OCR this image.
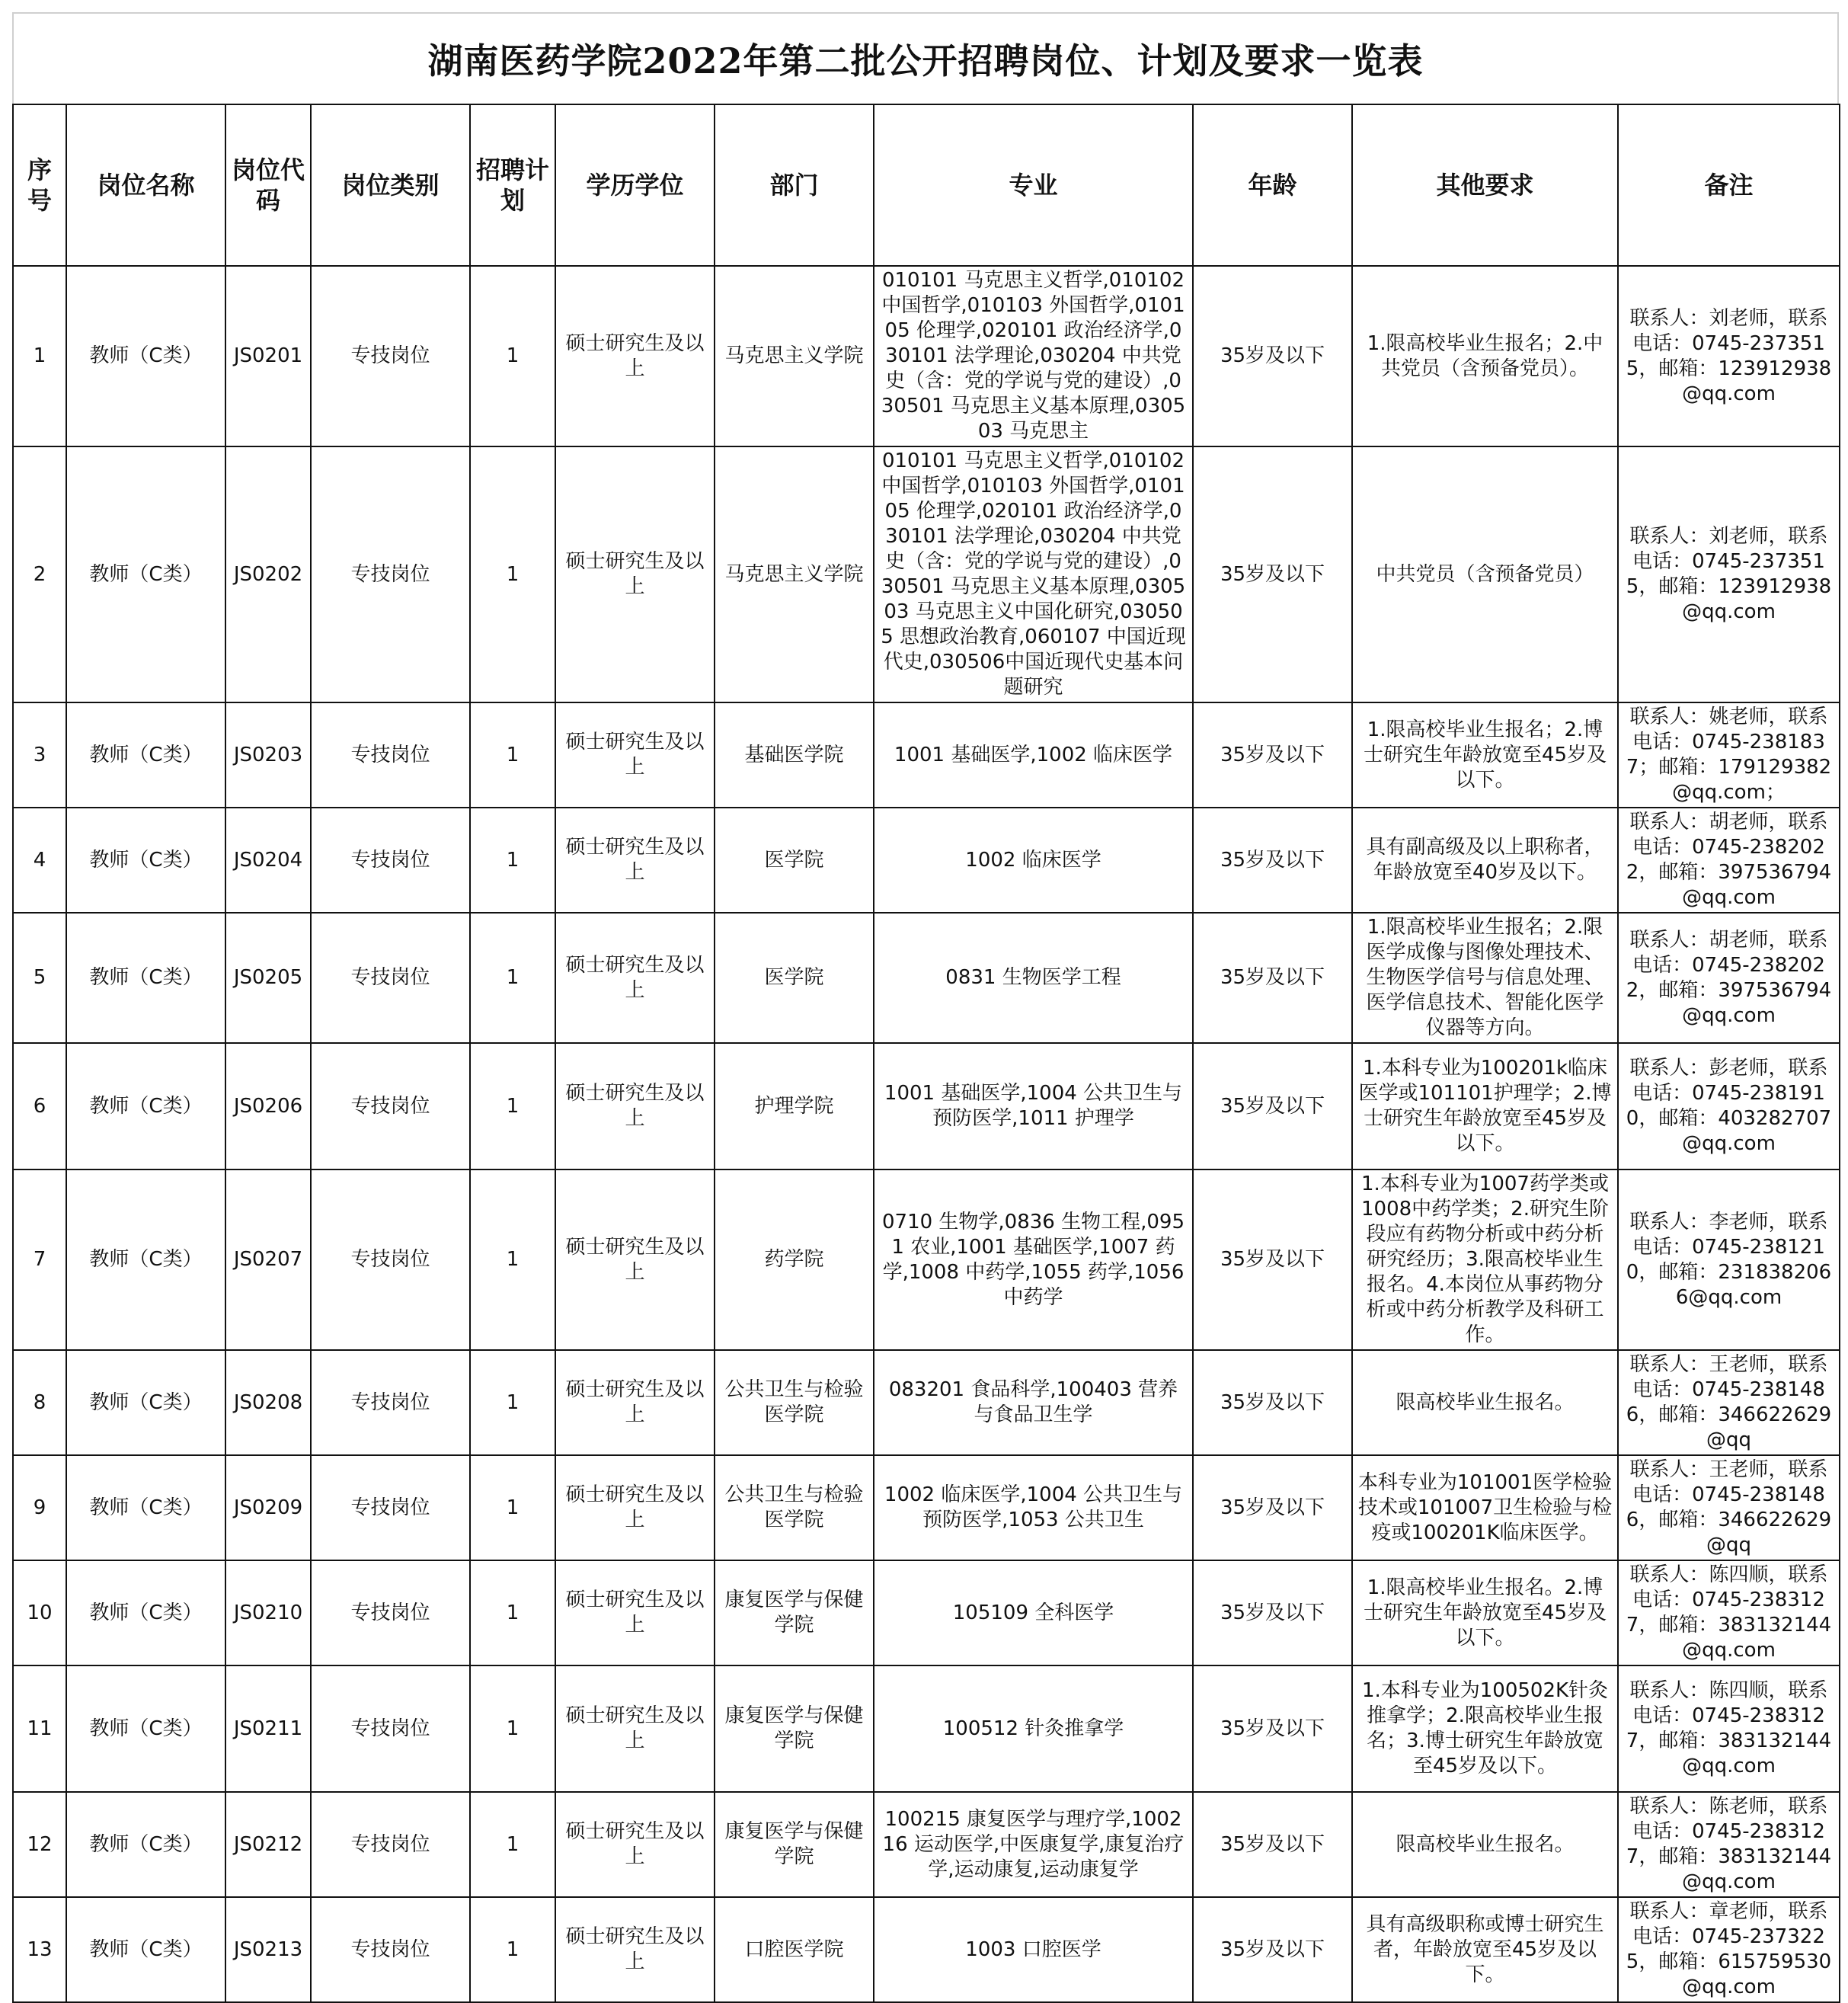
湖南医药学院2022年第二批公开招聘岗位、计划及要求一览表
序号	岗位名称	岗位代码	岗位类别	招聘计划	学历学位	部门	专业	年龄	其他要求	备注
1	教师（C类）	JS0201	专技岗位	1	硕士研究生及以上	马克思主义学院	010101 马克思主义哲学,010102 中国哲学,010103 外国哲学,010105 伦理学,020101 政治经济学,030101 法学理论,030204 中共党史（含：党的学说与党的建设）,030501 马克思主义基本原理,030503 马克思主	35岁及以下	1.限高校毕业生报名；2.中共党员（含预备党员）。	联系人：刘老师，联系电话：0745-2373515，邮箱：123912938@qq.com
2	教师（C类）	JS0202	专技岗位	1	硕士研究生及以上	马克思主义学院	010101 马克思主义哲学,010102 中国哲学,010103 外国哲学,010105 伦理学,020101 政治经济学,030101 法学理论,030204 中共党史（含：党的学说与党的建设）,030501 马克思主义基本原理,030503 马克思主义中国化研究,030505 思想政治教育,060107 中国近现代史,030506中国近现代史基本问题研究	35岁及以下	中共党员（含预备党员）	联系人：刘老师，联系电话：0745-2373515，邮箱：123912938@qq.com
3	教师（C类）	JS0203	专技岗位	1	硕士研究生及以上	基础医学院	1001 基础医学,1002 临床医学	35岁及以下	1.限高校毕业生报名；2.博士研究生年龄放宽至45岁及以下。	联系人：姚老师，联系电话：0745-2381837；邮箱：179129382@qq.com；
4	教师（C类）	JS0204	专技岗位	1	硕士研究生及以上	医学院	1002 临床医学	35岁及以下	具有副高级及以上职称者，年龄放宽至40岁及以下。	联系人：胡老师，联系电话：0745-2382022，邮箱：397536794@qq.com
5	教师（C类）	JS0205	专技岗位	1	硕士研究生及以上	医学院	0831 生物医学工程	35岁及以下	1.限高校毕业生报名；2.限医学成像与图像处理技术、生物医学信号与信息处理、医学信息技术、智能化医学仪器等方向。	联系人：胡老师，联系电话：0745-2382022，邮箱：397536794@qq.com
6	教师（C类）	JS0206	专技岗位	1	硕士研究生及以上	护理学院	1001 基础医学,1004 公共卫生与预防医学,1011 护理学	35岁及以下	1.本科专业为100201k临床医学或101101护理学；2.博士研究生年龄放宽至45岁及以下。	联系人：彭老师，联系电话：0745-2381910，邮箱：403282707@qq.com
7	教师（C类）	JS0207	专技岗位	1	硕士研究生及以上	药学院	0710 生物学,0836 生物工程,0951 农业,1001 基础医学,1007 药学,1008 中药学,1055 药学,1056 中药学	35岁及以下	1.本科专业为1007药学类或1008中药学类；2.研究生阶段应有药物分析或中药分析研究经历；3.限高校毕业生报名。4.本岗位从事药物分析或中药分析教学及科研工作。	联系人：李老师，联系电话：0745-2381210，邮箱：2318382066@qq.com
8	教师（C类）	JS0208	专技岗位	1	硕士研究生及以上	公共卫生与检验医学院	083201 食品科学,100403 营养与食品卫生学	35岁及以下	限高校毕业生报名。	联系人：王老师，联系电话：0745-2381486，邮箱：346622629@qq
9	教师（C类）	JS0209	专技岗位	1	硕士研究生及以上	公共卫生与检验医学院	1002 临床医学,1004 公共卫生与预防医学,1053 公共卫生	35岁及以下	本科专业为101001医学检验技术或101007卫生检验与检疫或100201K临床医学。	联系人：王老师，联系电话：0745-2381486，邮箱：346622629@qq
10	教师（C类）	JS0210	专技岗位	1	硕士研究生及以上	康复医学与保健学院	105109 全科医学	35岁及以下	1.限高校毕业生报名。2.博士研究生年龄放宽至45岁及以下。	联系人：陈四顺，联系电话：0745-2383127，邮箱：383132144@qq.com
11	教师（C类）	JS0211	专技岗位	1	硕士研究生及以上	康复医学与保健学院	100512 针灸推拿学	35岁及以下	1.本科专业为100502K针灸推拿学；2.限高校毕业生报名；3.博士研究生年龄放宽至45岁及以下。	联系人：陈四顺，联系电话：0745-2383127，邮箱：383132144@qq.com
12	教师（C类）	JS0212	专技岗位	1	硕士研究生及以上	康复医学与保健学院	100215 康复医学与理疗学,100216 运动医学,中医康复学,康复治疗学,运动康复,运动康复学	35岁及以下	限高校毕业生报名。	联系人：陈老师，联系电话：0745-2383127，邮箱：383132144@qq.com
13	教师（C类）	JS0213	专技岗位	1	硕士研究生及以上	口腔医学院	1003 口腔医学	35岁及以下	具有高级职称或博士研究生者，年龄放宽至45岁及以下。	联系人：章老师，联系电话：0745-2373225，邮箱：615759530@qq.com
